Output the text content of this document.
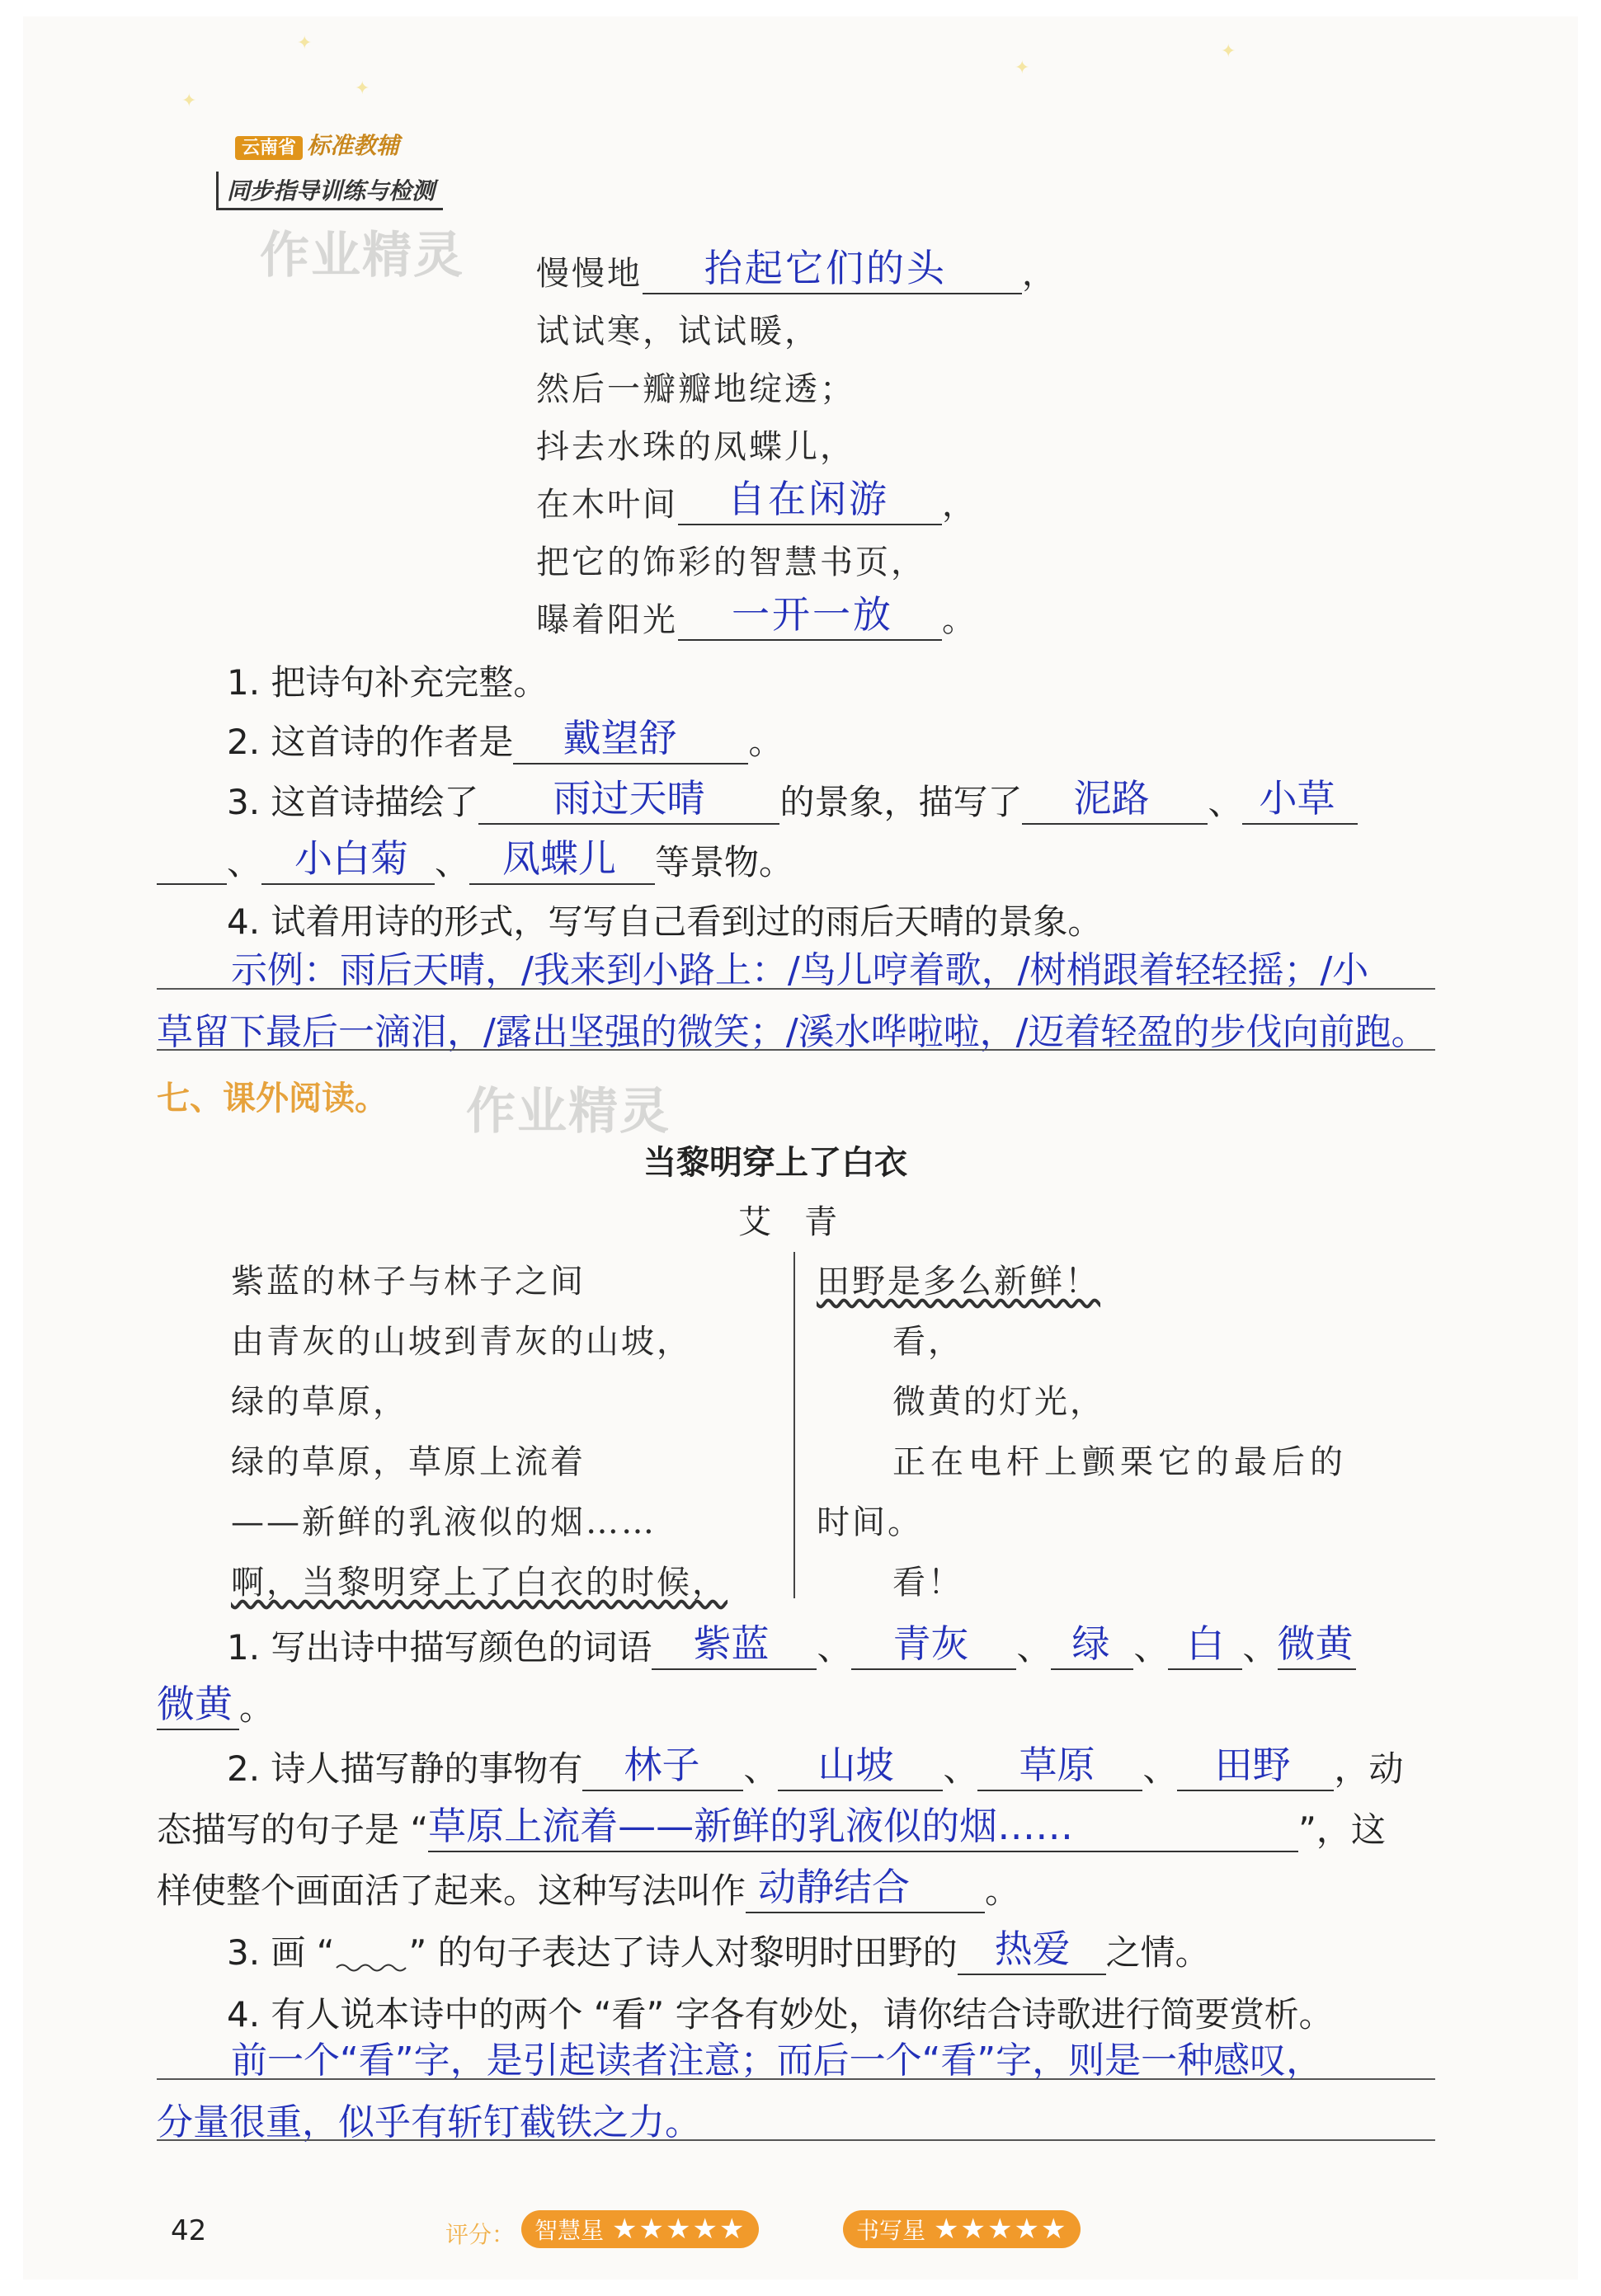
✦
✦
✦
✦
✦
云南省 标准教辅
同步指导训练与检测
作业精灵 慢慢地 抬起它们的头 ，
试试寒，试试暖，
然后一瓣瓣地绽透；
抖去水珠的凤蝶儿，
在木叶间 自在闲游 ，
把它的饰彩的智慧书页，
曝着阳光 一开一放 。
1. 把诗句补充完整。
2. 这首诗的作者是 戴望舒 。
3. 这首诗描绘了 雨过天晴 的景象，描写了 泥路 、 小草
、 小白菊 、 凤蝶儿 等景物。
4. 试着用诗的形式，写写自己看到过的雨后天晴的景象。
示例：雨后天晴，/我来到小路上：/鸟儿哼着歌，/树梢跟着轻轻摇；/小
草留下最后一滴泪，/露出坚强的微笑；/溪水哗啦啦，/迈着轻盈的步伐向前跑。
七、课外阅读。 作业精灵
当黎明穿上了白衣
艾　青
紫蓝的林子与林子之间
由青灰的山坡到青灰的山坡，
绿的草原，
绿的草原，草原上流着
——新鲜的乳液似的烟……
啊，当黎明穿上了白衣的时候，
田野是多么新鲜！
看，
微黄的灯光，
正在电杆上颤栗它的最后的
时间。
看！
1. 写出诗中描写颜色的词语 紫蓝 、 青灰 、 绿 、 白 、 微黄
微黄 。
2. 诗人描写静的事物有 林子 、 山坡 、 草原 、 田野 ，动
态描写的句子是 “ 草原上流着——新鲜的乳液似的烟……	”，这
样使整个画面活了起来。这种写法叫作 动静结合 。
3. 画 “ ” 的句子表达了诗人对黎明时田野的 热爱 之情。
4. 有人说本诗中的两个 “看” 字各有妙处，请你结合诗歌进行简要赏析。
前一个“看”字，是引起读者注意；而后一个“看”字，则是一种感叹，
分量很重，似乎有斩钉截铁之力。
42	评分： 智慧星 ★★★★★	书写星 ★★★★★
